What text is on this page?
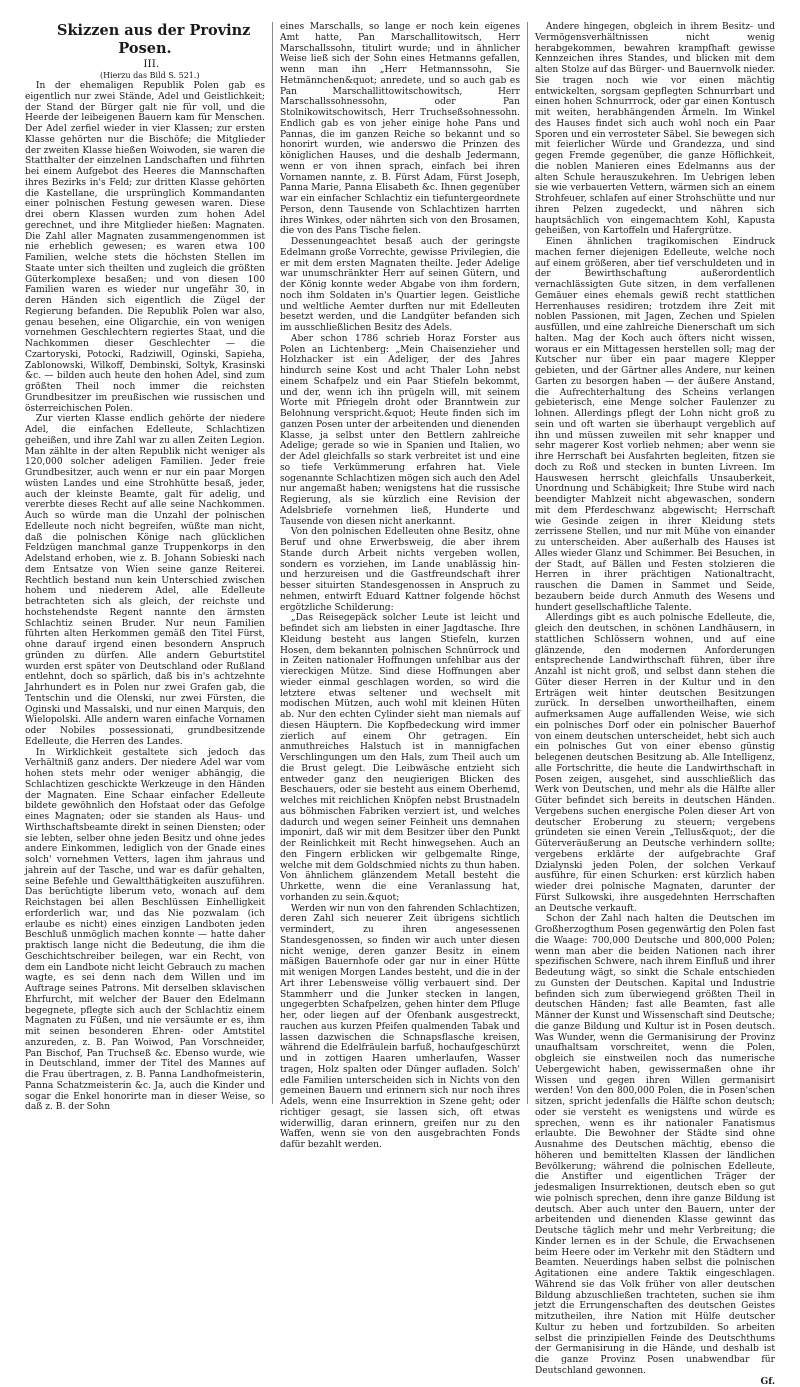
Skizzen aus der Provinz Posen.

III.

(Hierzu das Bild S. 521.)

In der ehemaligen Republik Polen gab es eigentlich nur zwei Stände, Adel und Geistlichkeit; der Stand der Bürger galt nie für voll, und die Heerde der leibeigenen Bauern kam für Menschen. Der Adel zerfiel wieder in vier Klassen; zur ersten Klasse gehörten nur die Bischöfe; die Mitglieder der zweiten Klasse hießen Woiwoden, sie waren die Statthalter der einzelnen Landschaften und führten bei einem Aufgebot des Heeres die Mannschaften ihres Bezirks in's Feld; zur dritten Klasse gehörten die Kastellane, die ursprünglich Kommandanten einer polnischen Festung gewesen waren. Diese drei obern Klassen wurden zum hohen Adel gerechnet, und ihre Mitglieder hießen: Magnaten. Die Zahl aller Magnaten zusammengenommen ist nie erheblich gewesen; es waren etwa 100 Familien, welche stets die höchsten Stellen im Staate unter sich theilten und zugleich die größten Güterkomplexe besaßen; und von diesen 100 Familien waren es wieder nur ungefähr 30, in deren Händen sich eigentlich die Zügel der Regierung befanden. Die Republik Polen war also, genau besehen, eine Oligarchie, ein von wenigen vornehmen Geschlechtern regiertes Staat, und die Nachkommen dieser Geschlechter — die Czartoryski, Potocki, Radziwill, Oginski, Sapieha, Zablonowski, Wilkoff, Dembinski, Soltyk, Krasinski &c. — bilden auch heute den hohen Adel, sind zum größten Theil noch immer die reichsten Grundbesitzer im preußischen wie russischen und österreichischen Polen.

Zur vierten Klasse endlich gehörte der niedere Adel, die einfachen Edelleute, Schlachtizen geheißen, und ihre Zahl war zu allen Zeiten Legion. Man zählte in der alten Republik nicht weniger als 120,000 solcher adeligen Familien. Jeder freie Grundbesitzer, auch wenn er nur ein paar Morgen wüsten Landes und eine Strohhütte besaß, jeder, auch der kleinste Beamte, galt für adelig, und vererbte dieses Recht auf alle seine Nachkommen. Auch so würde man die Unzahl der polnischen Edelleute noch nicht begreifen, wüßte man nicht, daß die polnischen Könige nach glücklichen Feldzügen manchmal ganze Truppenkorps in den Adelstand erhoben, wie z. B. Johann Sobieski nach dem Entsatze von Wien seine ganze Reiterei. Rechtlich bestand nun kein Unterschied zwischen hohem und niederem Adel, alle Edelleute betrachteten sich als gleich, der reichste und hochstehendste Regent nannte den ärmsten Schlachtiz seinen Bruder. Nur neun Familien führten alten Herkommen gemäß den Titel Fürst, ohne darauf irgend einen besondern Anspruch gründen zu dürfen. Alle andern Geburtstitel wurden erst später von Deutschland oder Rußland entlehnt, doch so spärlich, daß bis in's achtzehnte Jahrhundert es in Polen nur zwei Grafen gab, die Tentschin und die Olenski, nur zwei Fürsten, die Oginski und Massalski, und nur einen Marquis, den Wielopolski. Alle andern waren einfache Vornamen oder Nobiles possessionati, grundbesitzende Edelleute, die Herren des Landes.

In Wirklichkeit gestaltete sich jedoch das Verhältniß ganz anders. Der niedere Adel war vom hohen stets mehr oder weniger abhängig, die Schlachtizen geschickte Werkzeuge in den Händen der Magnaten. Eine Schaar einfacher Edelleute bildete gewöhnlich den Hofstaat oder das Gefolge eines Magnaten; oder sie standen als Haus- und Wirthschaftsbeamte direkt in seinen Diensten; oder sie lebten, selber ohne jeden Besitz und ohne jedes andere Einkommen, lediglich von der Gnade eines solch' vornehmen Vetters, lagen ihm jahraus und jahrein auf der Tasche, und war es dafür gehalten, seine Befehle und Gewaltthätigkeiten auszuführen. Das berüchtigte liberum veto, wonach auf dem Reichstagen bei allen Beschlüssen Einhelligkeit erforderlich war, und das Nie pozwalam (ich erlaube es nicht) eines einzigen Landboten jeden Beschluß unmöglich machen konnte — hatte daher praktisch lange nicht die Bedeutung, die ihm die Geschichtschreiber beilegen, war ein Recht, von dem ein Landbote nicht leicht Gebrauch zu machen wagte, es sei denn nach dem Willen und im Auftrage seines Patrons. Mit derselben sklavischen Ehrfurcht, mit welcher der Bauer den Edelmann begegnete, pflegte sich auch der Schlachtiz einem Magnaten zu Füßen, und nie versäumte er es, ihm mit seinen besonderen Ehren- oder Amtstitel anzureden, z. B. Pan Woiwod, Pan Vorschneider, Pan Bischof, Pan Truchseß &c. Ebenso wurde, wie in Deutschland, immer der Titel des Mannes auf die Frau übertragen, z. B. Panna Landhofmeisterin, Panna Schatzmeisterin &c. Ja, auch die Kinder und sogar die Enkel honorirte man in dieser Weise, so daß z. B. der Sohn

eines Marschalls, so lange er noch kein eigenes Amt hatte, Pan Marschallitowitsch, Herr Marschallssohn, titulirt wurde; und in ähnlicher Weise ließ sich der Sohn eines Hetmanns gefallen, wenn man ihn „Herr Hetmannssohn, Sie Hetmännchen&quot; anredete, und so auch gab es Pan Marschallittowitschowitsch, Herr Marschallssohnessohn, oder Pan Stolnikowitschowitsch, Herr Truchseßsohnessohn. Endlich gab es von jeher einige hohe Pans und Pannas, die im ganzen Reiche so bekannt und so honorirt wurden, wie anderswo die Prinzen des königlichen Hauses, und die deshalb Jedermann, wenn er von ihnen sprach, einfach bei ihren Vornamen nannte, z. B. Fürst Adam, Fürst Joseph, Panna Marie, Panna Elisabeth &c. Ihnen gegenüber war ein einfacher Schlachtiz ein tiefuntergeordnete Person, denn Tausende von Schlachtizen harrten ihres Winkes, oder nährten sich von den Brosamen, die von des Pans Tische fielen.

Dessenungeachtet besaß auch der geringste Edelmann große Vorrechte, gewisse Privilegien, die er mit dem ersten Magnaten theilte. Jeder Adelige war unumschränkter Herr auf seinen Gütern, und der König konnte weder Abgabe von ihm fordern, noch ihm Soldaten in's Quartier legen. Geistliche und weltliche Aemter durften nur mit Edelleuten besetzt werden, und die Landgüter befanden sich im ausschließlichen Besitz des Adels.

Aber schon 1786 schrieb Horaz Forster aus Polen an Lichtenberg: „Mein Chaisenzieher und Holzhacker ist ein Adeliger, der des Jahres hindurch seine Kost und acht Thaler Lohn nebst einem Schafpelz und ein Paar Stiefeln bekommt, und der, wenn ich ihn prügeln will, mit seinem Worte mit Pfriegeln droht oder Branntwein zur Belohnung verspricht.&quot; Heute finden sich im ganzen Posen unter der arbeitenden und dienenden Klasse, ja selbst unter den Bettlern zahlreiche Adelige; gerade so wie in Spanien und Italien, wo der Adel gleichfalls so stark verbreitet ist und eine so tiefe Verkümmerung erfahren hat. Viele sogenannte Schlachtizen mögen sich auch den Adel nur angemaßt haben; wenigstens hat die russische Regierung, als sie kürzlich eine Revision der Adelsbriefe vornehmen ließ, Hunderte und Tausende von diesen nicht anerkannt.

Von den polnischen Edelleuten ohne Besitz, ohne Beruf und ohne Erwerbsweig, die aber ihrem Stande durch Arbeit nichts vergeben wollen, sondern es vorziehen, im Lande unablässig hin- und herzureisen und die Gastfreundschaft ihrer besser situirten Standesgenossen in Anspruch zu nehmen, entwirft Eduard Kattner folgende höchst ergötzliche Schilderung:

„Das Reisegepäck solcher Leute ist leicht und befindet sich am liebsten in einer Jagdtasche. Ihre Kleidung besteht aus langen Stiefeln, kurzen Hosen, dem bekannten polnischen Schnürrock und in Zeiten nationaler Hoffnungen unfehlbar aus der viereckigen Mütze. Sind diese Hoffnungen aber wieder einmal geschlagen worden, so wird die letztere etwas seltener und wechselt mit modischen Mützen, auch wohl mit kleinen Hüten ab. Nur den echten Cylinder sieht man niemals auf diesen Häuptern. Die Kopfbedeckung wird immer zierlich auf einem Ohr getragen. Ein anmuthreiches Halstuch ist in mannigfachen Verschlingungen um den Hals, zum Theil auch um die Brust gelegt. Die Leibwäsche entzieht sich entweder ganz den neugierigen Blicken des Beschauers, oder sie besteht aus einem Oberhemd, welches mit reichlichen Knöpfen nebst Brustnadeln aus böhmischen Fabriken verziert ist, und welches dadurch und wegen seiner Feinheit uns demnahen imponirt, daß wir mit dem Besitzer über den Punkt der Reinlichkeit mit Recht hinwegsehen. Auch an den Fingern erblicken wir gelbgemalte Ringe, welche mit dem Goldschmied nichts zu thun haben. Von ähnlichem glänzendem Metall besteht die Uhrkette, wenn die eine Veranlassung hat, vorhanden zu sein.&quot;

Werden wir nun von den fahrenden Schlachtizen, deren Zahl sich neuerer Zeit übrigens sichtlich vermindert, zu ihren angesessenen Standesgenossen, so finden wir auch unter diesen nicht wenige, deren ganzer Besitz in einem mäßigen Bauernhofe oder gar nur in einer Hütte mit wenigen Morgen Landes besteht, und die in der Art ihrer Lebensweise völlig verbauert sind. Der Stammherr und die Junker stecken in langen, ungegerbten Schafpelzen, gehen hinter dem Pfluge her, oder liegen auf der Ofenbank ausgestreckt, rauchen aus kurzen Pfeifen qualmenden Tabak und lassen dazwischen die Schnapsflasche kreisen, während die Edelfräulein barfuß, hochaufgeschürzt und in zottigen Haaren umherlaufen, Wasser tragen, Holz spalten oder Dünger aufladen. Solch' edle Familien unterscheiden sich in Nichts von den gemeinen Bauern und erinnern sich nur noch ihres Adels, wenn eine Insurrektion in Szene geht; oder richtiger gesagt, sie lassen sich, oft etwas widerwillig, daran erinnern, greifen nur zu den Waffen, wenn sie von den ausgebrachten Fonds dafür bezahlt werden.

Andere hingegen, obgleich in ihrem Besitz- und Vermögensverhältnissen nicht wenig herabgekommen, bewahren krampfhaft gewisse Kennzeichen ihres Standes, und blicken mit dem alten Stolze auf das Bürger- und Bauernvolk nieder. Sie tragen noch wie vor einen mächtig entwickelten, sorgsam gepflegten Schnurrbart und einen hohen Schnurrrock, oder gar einen Kontusch mit weiten, herabhängenden Ärmeln. Im Winkel des Hauses findet sich auch wohl noch ein Paar Sporen und ein verrosteter Säbel. Sie bewegen sich mit feierlicher Würde und Grandezza, und sind gegen Fremde gegenüber, die ganze Höflichkeit, die noblen Manieren eines Edelmanns aus der alten Schule herauszukehren. Im Uebrigen leben sie wie verbauerten Vettern, wärmen sich an einem Strohfeuer, schlafen auf einer Strohschütte und nur ihren Pelzen zugedeckt, und nähren sich hauptsächlich von eingemachtem Kohl, Kapusta geheißen, von Kartoffeln und Hafergrütze.

Einen ähnlichen tragikomischen Eindruck machen ferner diejenigen Edelleute, welche noch auf einem größeren, aber tief verschuldeten und in der Bewirthschaftung außerordentlich vernachlässigten Gute sitzen, in dem verfallenen Gemäuer eines ehemals gewiß recht stattlichen Herrenhauses residiren; trotzdem ihre Zeit mit noblen Passionen, mit Jagen, Zechen und Spielen ausfüllen, und eine zahlreiche Dienerschaft um sich halten. Mag der Koch auch öfters nicht wissen, woraus er ein Mittagessen herstellen soll; mag der Kutscher nur über ein paar magere Klepper gebieten, und der Gärtner alles Andere, nur keinen Garten zu besorgen haben — der äußere Anstand, die Aufrechterhaltung des Scheins verlangen gebieterisch, eine Menge solcher Faulenzer zu lohnen. Allerdings pflegt der Lohn nicht groß zu sein und oft warten sie überhaupt vergeblich auf ihn und müssen zuweilen mit sehr knapper und sehr magerer Kost vorlieb nehmen; aber wenn sie ihre Herrschaft bei Ausfahrten begleiten, fitzen sie doch zu Roß und stecken in bunten Livreen. Im Hauswesen herrscht gleichfalls Unsauberkeit, Unordnung und Schäbigkeit; Ihre Stube wird nach beendigter Mahlzeit nicht abgewaschen, sondern mit dem Pferdeschwanz abgewischt; Herrschaft wie Gesinde zeigen in ihrer Kleidung stets zerrissene Stellen, und nur mit Mühe von einander zu unterscheiden. Aber außerhalb des Hauses ist Alles wieder Glanz und Schimmer. Bei Besuchen, in der Stadt, auf Bällen und Festen stolzieren die Herren in ihrer prächtigen Nationaltracht, rauschen die Damen in Sammet und Seide, bezaubern beide durch Anmuth des Wesens und hundert gesellschaftliche Talente.

Allerdings gibt es auch polnische Edelleute, die, gleich den deutschen, in schönen Landhäusern, in stattlichen Schlössern wohnen, und auf eine glänzende, den modernen Anforderungen entsprechende Landwirthschaft führen, über ihre Anzahl ist nicht groß, und selbst dann stehen die Güter dieser Herren in der Kultur und in den Erträgen weit hinter deutschen Besitzungen zurück. In derselben unwortheilhaften, einem aufmerksamen Auge auffallenden Weise, wie sich ein polnisches Dorf oder ein polnischer Bauerhof von einem deutschen unterscheidet, hebt sich auch ein polnisches Gut von einer ebenso günstig belegenen deutschen Besitzung ab. Alle Intelligenz, alle Fortschritte, die heute die Landwirthschaft in Posen zeigen, ausgehet, sind ausschließlich das Werk von Deutschen, und mehr als die Hälfte aller Güter befindet sich bereits in deutschen Händen. Vergebens suchen energische Polen dieser Art von deutscher Eroberung zu steuern; vergebens gründeten sie einen Verein „Tellus&quot;, der die Güterveräußerung an Deutsche verhindern sollte; vergebens erklärte der aufgebrachte Graf Dzialynski jeden Polen, der solchen Verkauf ausführe, für einen Schurken: erst kürzlich haben wieder drei polnische Magnaten, darunter der Fürst Sulkowski, ihre ausgedehnten Herrschaften an Deutsche verkauft.

Schon der Zahl nach halten die Deutschen im Großherzogthum Posen gegenwärtig den Polen fast die Waage: 700,000 Deutsche und 800,000 Polen; wenn man aber die beiden Nationen nach ihrer spezifischen Schwere, nach ihrem Einfluß und ihrer Bedeutung wägt, so sinkt die Schale entschieden zu Gunsten der Deutschen. Kapital und Industrie befinden sich zum überwiegend größten Theil in deutschen Händen; fast alle Beamten, fast alle Männer der Kunst und Wissenschaft sind Deutsche; die ganze Bildung und Kultur ist in Posen deutsch. Was Wunder, wenn die Germanisirung der Provinz unaufhaltsam vorschreitet, wenn die Polen, obgleich sie einstweilen noch das numerische Uebergewicht haben, gewissermaßen ohne ihr Wissen und gegen ihren Willen germanisirt werden! Von den 800,000 Polen, die in Posen'schen sitzen, spricht jedenfalls die Hälfte schon deutsch; oder sie versteht es wenigstens und würde es sprechen, wenn es ihr nationaler Fanatismus erlaubte. Die Bewohner der Städte sind ohne Ausnahme des Deutschen mächtig, ebenso die höheren und bemittelten Klassen der ländlichen Bevölkerung; während die polnischen Edelleute, die Anstifter und eigentlichen Träger der jedesmaligen Insurrektionen, deutsch eben so gut wie polnisch sprechen, denn ihre ganze Bildung ist deutsch. Aber auch unter den Bauern, unter der arbeitenden und dienenden Klasse gewinnt das Deutsche täglich mehr und mehr Verbreitung; die Kinder lernen es in der Schule, die Erwachsenen beim Heere oder im Verkehr mit den Städtern und Beamten. Neuerdings haben selbst die polnischen Agitationen eine andere Taktik eingeschlagen. Während sie das Volk früher von aller deutschen Bildung abzuschließen trachteten, suchen sie ihm jetzt die Errungenschaften des deutschen Geistes mitzutheilen, ihre Nation mit Hülfe deutscher Kultur zu heben und fortzubilden. So arbeiten selbst die prinzipiellen Feinde des Deutschthums der Germanisirung in die Hände, und deshalb ist die ganze Provinz Posen unabwendbar für Deutschland gewonnen.

Gf.
